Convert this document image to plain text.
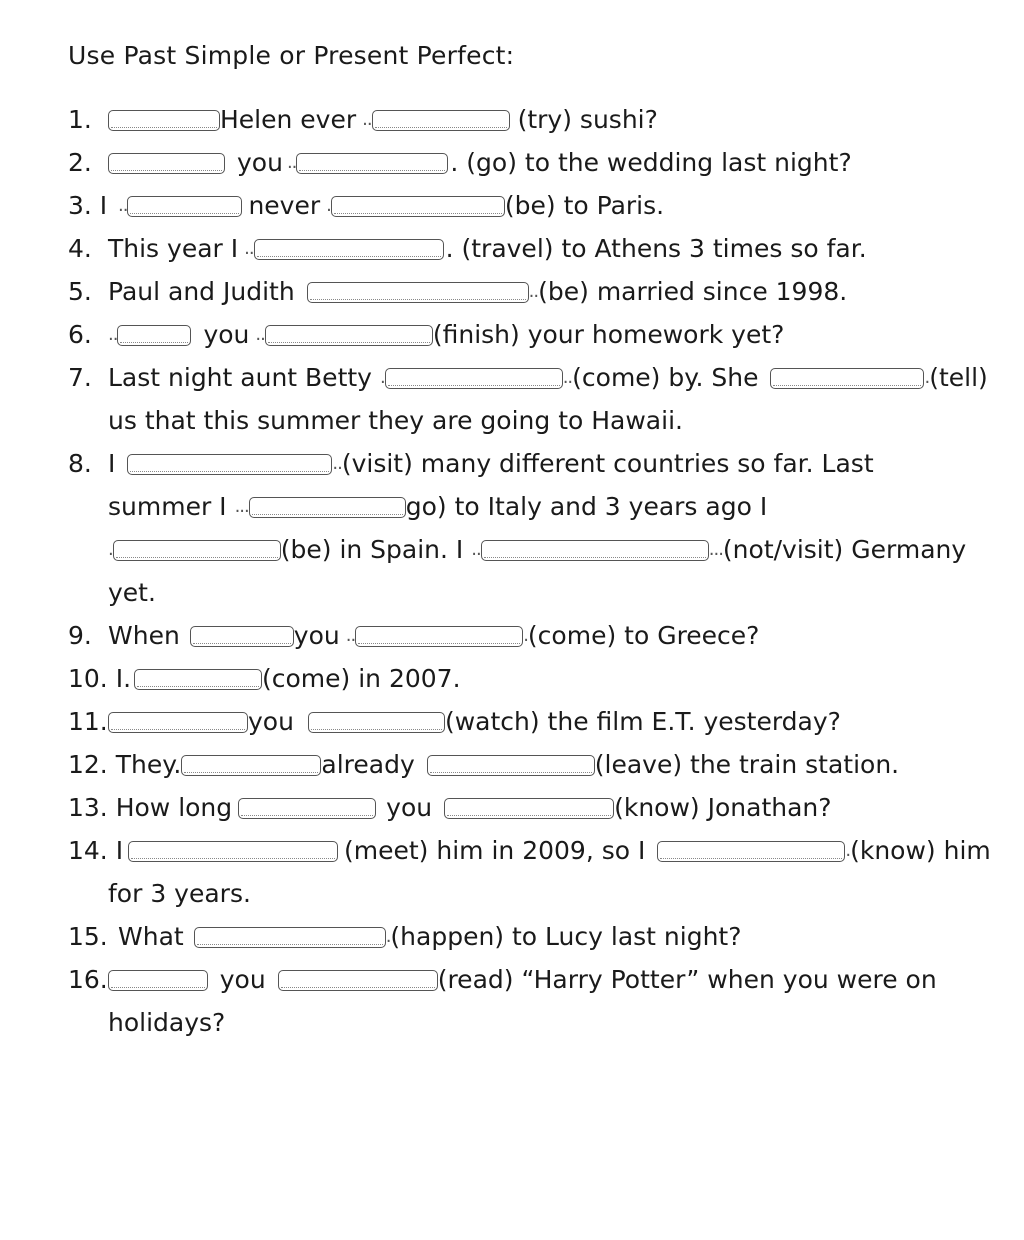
Use Past Simple or Present Perfect:
1.	Helen ever ..	(try) sushi?
2.	you ..	. (go) to the wedding last night?
3. I ..	never .	(be) to Paris.
4. This year I ..	. (travel) to Athens 3 times so far.
5. Paul and Judith	.. (be) married since 1998.
6. ..	you ..	(finish) your homework yet?
7. Last night aunt Betty .	.. (come) by. She	. (tell)
us that this summer they are going to Hawaii.
8. I	.. (visit) many different countries so far. Last
summer I ...	go) to Italy and 3 years ago I
.	(be) in Spain. I ..	... (not/visit) Germany
yet.
9. When	you ..	. (come) to Greece?
10. I.	(come) in 2007.
11.	you	(watch) the film E.T. yesterday?
12. They.	already	(leave) the train station.
13. How long	you	(know) Jonathan?
14. I	(meet) him in 2009, so I	. (know) him
for 3 years.
15. What	. (happen) to Lucy last night?
16.	you	(read) “Harry Potter” when you were on
holidays?
